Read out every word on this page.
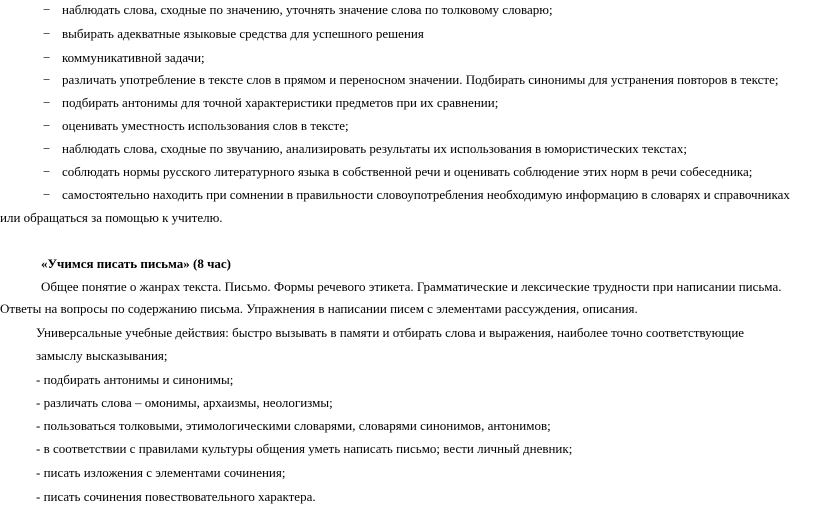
− наблюдать слова, сходные по значению, уточнять значение слова по толковому словарю;
− выбирать адекватные языковые средства для успешного решения
− коммуникативной задачи;
− различать употребление в тексте слов в прямом и переносном значении. Подбирать синонимы для устранения повторов в тексте;
− подбирать антонимы для точной характеристики предметов при их сравнении;
− оценивать уместность использования слов в тексте;
− наблюдать слова, сходные по звучанию, анализировать результаты их использования в юмористических текстах;
− соблюдать нормы русского литературного языка в собственной речи и оценивать соблюдение этих норм в речи собеседника;
− самостоятельно находить при сомнении в правильности словоупотребления необходимую информацию в словарях и справочниках
или обращаться за помощью к учителю.
«Учимся писать письма» (8 час)
Общее понятие о жанрах текста. Письмо. Формы речевого этикета. Грамматические и лексические трудности при написании письма.
Ответы на вопросы по содержанию письма. Упражнения в написании писем с элементами рассуждения, описания.
Универсальные учебные действия: быстро вызывать в памяти и отбирать слова и выражения, наиболее точно соответствующие
замыслу высказывания;
- подбирать антонимы и синонимы;
- различать слова – омонимы, архаизмы, неологизмы;
- пользоваться толковыми, этимологическими словарями, словарями синонимов, антонимов;
- в соответствии с правилами культуры общения уметь написать письмо; вести личный дневник;
- писать изложения с элементами сочинения;
- писать сочинения повествовательного характера.
